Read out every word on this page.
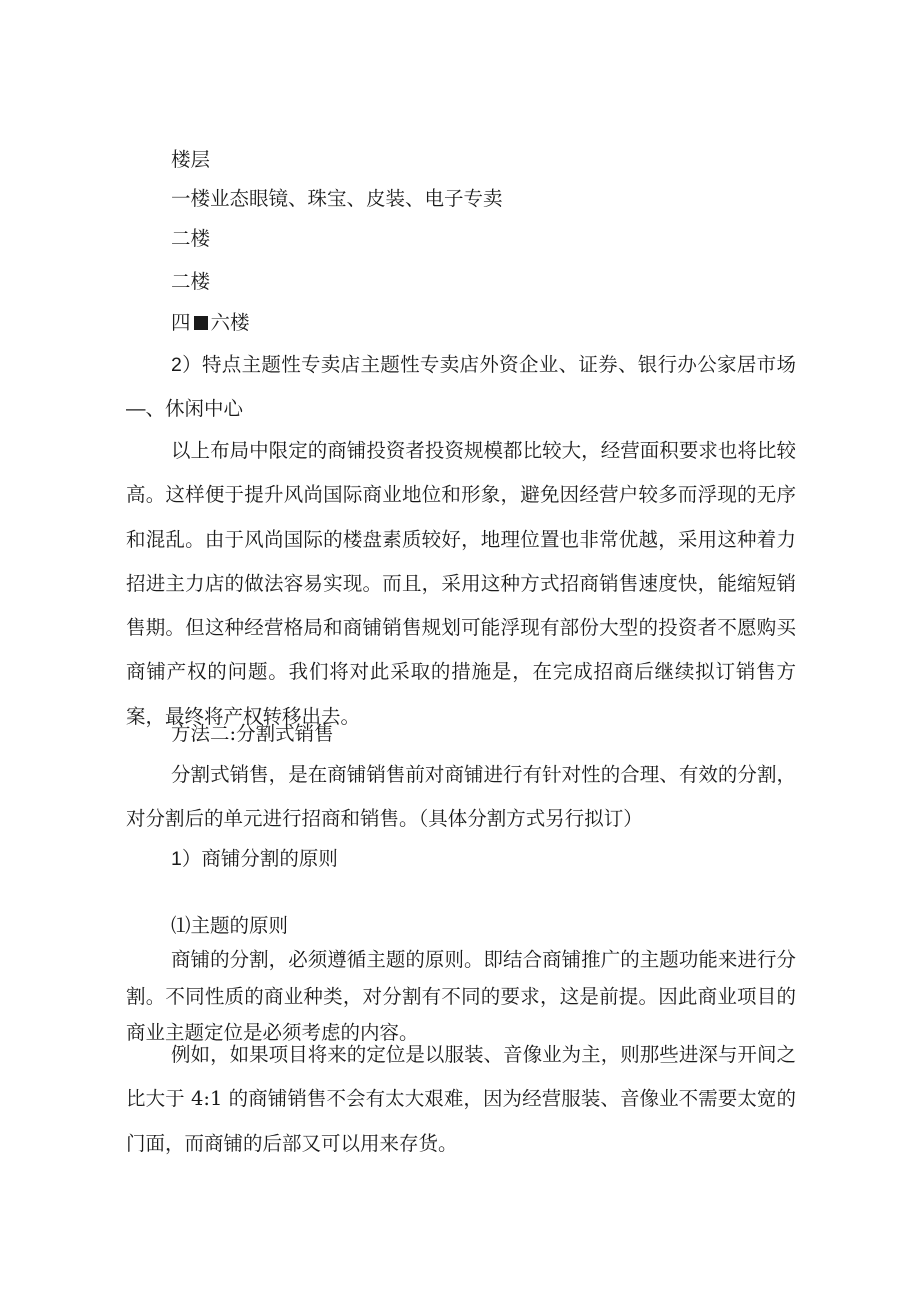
楼层
一楼业态眼镜、珠宝、皮装、电子专卖
二楼
二楼
四 六楼
2）特点主题性专卖店主题性专卖店外资企业、证券、银行办公家居市场—、休闲中心
以上布局中限定的商铺投资者投资规模都比较大，经营面积要求也将比较高。这样便于提升风尚国际商业地位和形象，避免因经营户较多而浮现的无序和混乱。由于风尚国际的楼盘素质较好，地理位置也非常优越，采用这种着力招进主力店的做法容易实现。而且，采用这种方式招商销售速度快，能缩短销售期。但这种经营格局和商铺销售规划可能浮现有部份大型的投资者不愿购买商铺产权的问题。我们将对此采取的措施是，在完成招商后继续拟订销售方案，最终将产权转移出去。
方法二:分割式销售
分割式销售，是在商铺销售前对商铺进行有针对性的合理、有效的分割，对分割后的单元进行招商和销售。（具体分割方式另行拟订）
1）商铺分割的原则
⑴主题的原则
商铺的分割，必须遵循主题的原则。即结合商铺推广的主题功能来进行分割。不同性质的商业种类，对分割有不同的要求，这是前提。因此商业项目的商业主题定位是必须考虑的内容。
例如，如果项目将来的定位是以服装、音像业为主，则那些进深与开间之比大于 4:1 的商铺销售不会有太大艰难，因为经营服装、音像业不需要太宽的门面，而商铺的后部又可以用来存货。
